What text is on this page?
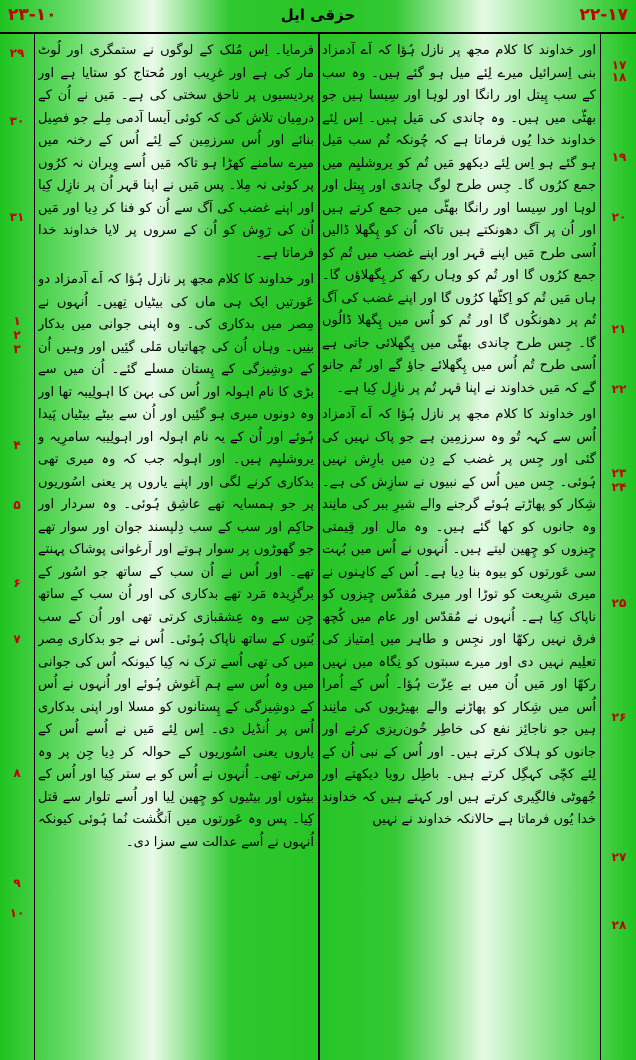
۲۳-۱۰	حزقی ایل	۲۲-۱۷
۱۷
۱۸
۱۹
۲۰
۲۱
۲۲
۲۳
۲۴
۲۵
۲۶
۲۷
۲۸
۲۹
۳۰
۳۱
۱
۲
۳
۴
۵
۶
۷
۸
۹
۱۰

اور خداوند کا کلام مجھ پر نازل ہُؤا کہ اَے آدمزاد بنی اِسرائیل میرے لِئے میل ہو گئے ہیں۔ وہ سب کے سب پِیتل اور رانگا اور لوہا اور سِیسا ہیں جو بھٹّی میں ہیں۔ وہ چاندی کی مَیل ہیں۔ اِس لِئے خداوند خدا یُوں فرماتا ہے کہ چُونکہ تُم سب مَیل ہو گئے ہو اِس لِئے دیکھو مَیں تُم کو یروشلیِم میں جمع کرُوں گا۔ جِس طرح لوگ چاندی اور پِیتل اور لوہا اور سِیسا اور رانگا بھٹّی میں جمع کرتے ہیں اور اُن پر آگ دھونکتے ہیں تاکہ اُن کو پِگھلا ڈالیں اُسی طرح مَیں اپنے قہر اور اپنے غضب میں تُم کو جمع کرُوں گا اور تُم کو وہاں رکھ کر پِگھلاؤں گا۔ ہاں مَیں تُم کو اِکٹّھا کرُوں گا اور اپنے غضب کی آگ تُم پر دھونکُوں گا اور تُم کو اُس میں پِگھلا ڈالُوں گا۔ جِس طرح چاندی بھٹّی میں پِگھلائی جاتی ہے اُسی طرح تُم اُس میں پِگھلائے جاؤ گے اور تُم جانو گے کہ مَیں خداوند نے اپنا قہر تُم پر نازِل کِیا ہے۔

اور خداوند کا کلام مجھ پر نازل ہُؤا کہ اَے آدمزاد اُس سے کہہ تُو وہ سرزمِین ہے جو پاک نہیں کی گئی اور جِس پر غضب کے دِن میں بارِش نہیں ہُوئی۔ جِس میں اُس کے نبیوں نے سازِش کی ہے۔ شِکار کو پھاڑتے ہُوئے گرجنے والے شیرِ ببر کی مانِند وہ جانوں کو کھا گئے ہیں۔ وہ مال اور قِیمتی چِیزوں کو چِھین لیتے ہیں۔ اُنہوں نے اُس میں بُہت سی عَورتوں کو بیوہ بنا دِیا ہے۔ اُس کے کاہِنوں نے میری شرِیعت کو توڑا اور میری مُقدّس چِیزوں کو ناپاک کِیا ہے۔ اُنہوں نے مُقدّس اور عام میں کُچھ فرق نہیں رکھّا اور نجِس و طاہِر میں اِمتیاز کی تعلِیم نہیں دی اور میرے سبتوں کو نِگاہ میں نہیں رکھّا اور مَیں اُن میں بے عِزّت ہُؤا۔ اُس کے اُمرا اُس میں شِکار کو پھاڑنے والے بھیڑیوں کی مانِند ہیں جو ناجائِز نفع کی خاطِر خُون‌ریزی کرتے اور جانوں کو ہلاک کرتے ہیں۔ اور اُس کے نبی اُن کے لِئے کچّی کہگِل کرتے ہیں۔ باطِل رویا دیکھتے اور جُھوٹی فالگِیری کرتے ہیں اور کہتے ہیں کہ خداوند خدا یُوں فرماتا ہے حالانکہ خداوند نے نہیں

فرمایا۔ اِس مُلک کے لوگوں نے ستمگری اور لُوٹ مار کی ہے اور غرِیب اور مُحتاج کو ستایا ہے اور پردیسیوں پر ناحق سختی کی ہے۔ مَیں نے اُن کے درمِیان تلاش کی کہ کوئی اَیسا آدمی مِلے جو فصِیل بنائے اور اُس سرزمِین کے لِئے اُس کے رخنہ میں میرے سامنے کھڑا ہو تاکہ مَیں اُسے وِیران نہ کرُوں پر کوئی نہ مِلا۔ پس مَیں نے اپنا قہر اُن پر نازِل کِیا اور اپنے غضب کی آگ سے اُن کو فنا کر دِیا اور مَیں اُن کی رَوِش کو اُن کے سروں پر لایا خداوند خدا فرماتا ہے۔

اور خداوند کا کلام مجھ پر نازل ہُؤا کہ اَے آدمزاد دو عَورتیں ایک ہی ماں کی بیٹیاں تِھیں۔ اُنہوں نے مِصر میں بدکاری کی۔ وہ اپنی جوانی میں بدکار بنِیں۔ وہاں اُن کی چھاتیاں مَلی گئِیں اور وہیں اُن کے دوشِیزگی کے پِستان مسلے گئے۔ اُن میں سے بڑی کا نام اہولہ اور اُس کی بہن کا اہولِیبہ تھا اور وہ دونوں میری ہو گئِیں اور اُن سے بیٹے بیٹیاں پَیدا ہُوئے اور اُن کے یہ نام اہولہ اور اہولِیبہ سامرِیہ و یروشلیِم ہیں۔ اور اہولہ جب کہ وہ میری تھی بدکاری کرنے لگی اور اپنے یاروں پر یعنی اسُوریوں پر جو ہمسایہ تھے عاشِق ہُوئی۔ وہ سردار اور حاکِم اور سب کے سب دِلپسند جوان اور سوار تھے جو گھوڑوں پر سوار ہوتے اور اَرغوانی پوشاک پہنتے تھے۔ اور اُس نے اُن سب کے ساتھ جو اسُور کے برگزِیدہ مَرد تھے بدکاری کی اور اُن سب کے ساتھ جِن سے وہ عِشقبازی کرتی تھی اور اُن کے سب بُتوں کے ساتھ ناپاک ہُوئی۔ اُس نے جو بدکاری مِصر میں کی تھی اُسے ترک نہ کِیا کیونکہ اُس کی جوانی میں وہ اُس سے ہم آغوش ہُوئے اور اُنہوں نے اُس کے دوشِیزگی کے پِستانوں کو مسلا اور اپنی بدکاری اُس پر اُنڈیل دی۔ اِس لِئے مَیں نے اُسے اُس کے یاروں یعنی اسُوریوں کے حوالہ کر دِیا جِن پر وہ مرتی تھی۔ اُنہوں نے اُس کو بے ستر کِیا اور اُس کے بیٹوں اور بیٹیوں کو چِھین لِیا اور اُسے تلوار سے قتل کِیا۔ پس وہ عَورتوں میں اَنگُشت نُما ہُوئی کیونکہ اُنہوں نے اُسے عدالت سے سزا دی۔
